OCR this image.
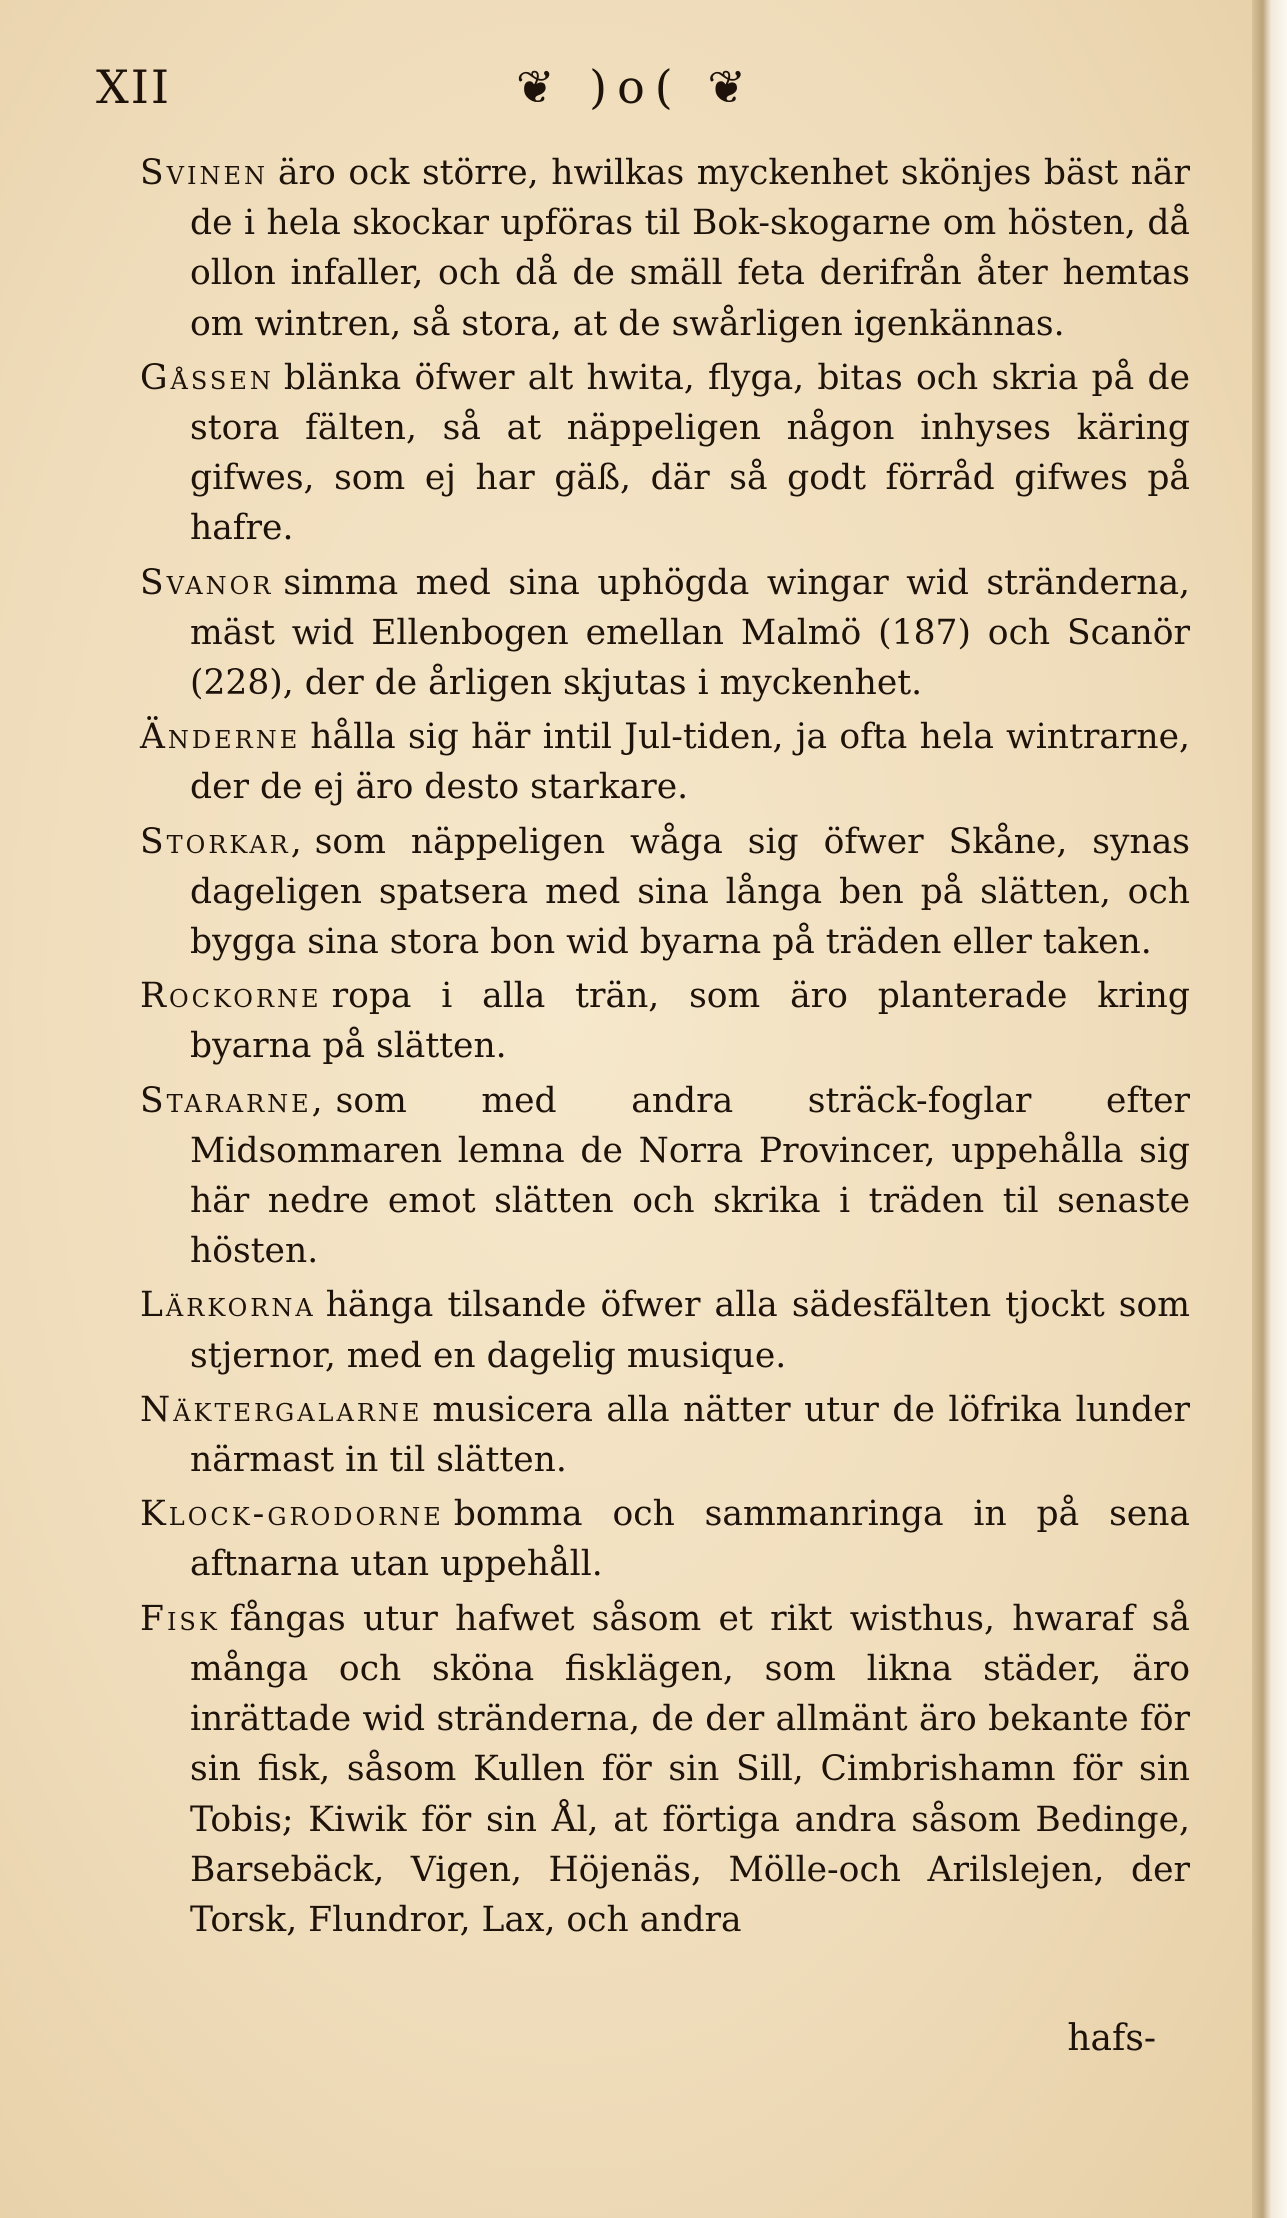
XII	❦ )o( ❦

Svinen äro ock större, hwilkas myckenhet skönjes bäst när de i hela skockar upföras til Bok-skogarne om hösten, då ollon infaller, och då de smäll feta derifrån åter hemtas om wintren, så stora, at de swårligen igenkännas.

Gåssen blänka öfwer alt hwita, flyga, bitas och skria på de stora fälten, så at näppeligen någon inhyses käring gifwes, som ej har gäß, där så godt förråd gifwes på hafre.

Svanor simma med sina uphögda wingar wid stränderna, mäst wid Ellenbogen emellan Malmö (187) och Scanör (228), der de årligen skjutas i myckenhet.

Änderne hålla sig här intil Jul-tiden, ja ofta hela wintrarne, der de ej äro desto starkare.

Storkar, som näppeligen wåga sig öfwer Skåne, synas dageligen spatsera med sina långa ben på slätten, och bygga sina stora bon wid byarna på träden eller taken.

Rockorne ropa i alla trän, som äro planterade kring byarna på slätten.

Stararne, som med andra sträck-foglar efter Midsommaren lemna de Norra Provincer, uppehålla sig här nedre emot slätten och skrika i träden til senaste hösten.

Lärkorna hänga tilsande öfwer alla sädesfälten tjockt som stjernor, med en dagelig musique.

Näktergalarne musicera alla nätter utur de löfrika lunder närmast in til slätten.

Klock-grodorne bomma och sammanringa in på sena aftnarna utan uppehåll.

Fisk fångas utur hafwet såsom et rikt wisthus, hwaraf så många och sköna fisklägen, som likna städer, äro inrättade wid stränderna, de der allmänt äro bekante för sin fisk, såsom Kullen för sin Sill, Cimbrishamn för sin Tobis; Kiwik för sin Ål, at förtiga andra såsom Bedinge, Barsebäck, Vigen, Höjenäs, Mölle-och Arilslejen, der Torsk, Flundror, Lax, och andra

hafs-
